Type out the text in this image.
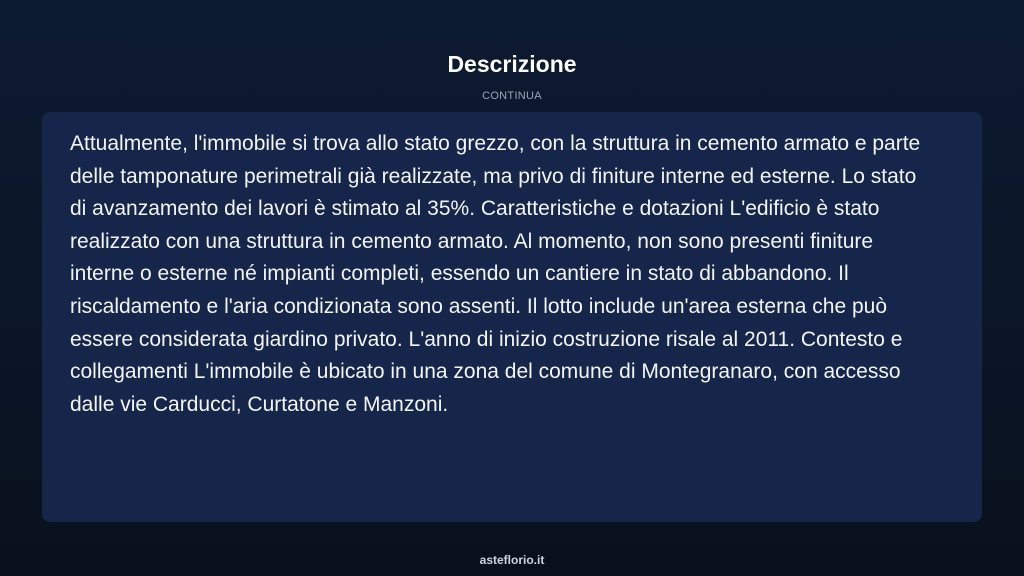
Descrizione
CONTINUA

Attualmente, l'immobile si trova allo stato grezzo, con la struttura in cemento armato e parte delle tamponature perimetrali già realizzate, ma privo di finiture interne ed esterne. Lo stato di avanzamento dei lavori è stimato al 35%. Caratteristiche e dotazioni L'edificio è stato realizzato con una struttura in cemento armato. Al momento, non sono presenti finiture interne o esterne né impianti completi, essendo un cantiere in stato di abbandono. Il riscaldamento e l'aria condizionata sono assenti. Il lotto include un'area esterna che può essere considerata giardino privato. L'anno di inizio costruzione risale al 2011. Contesto e collegamenti L'immobile è ubicato in una zona del comune di Montegranaro, con accesso dalle vie Carducci, Curtatone e Manzoni.

asteflorio.it
